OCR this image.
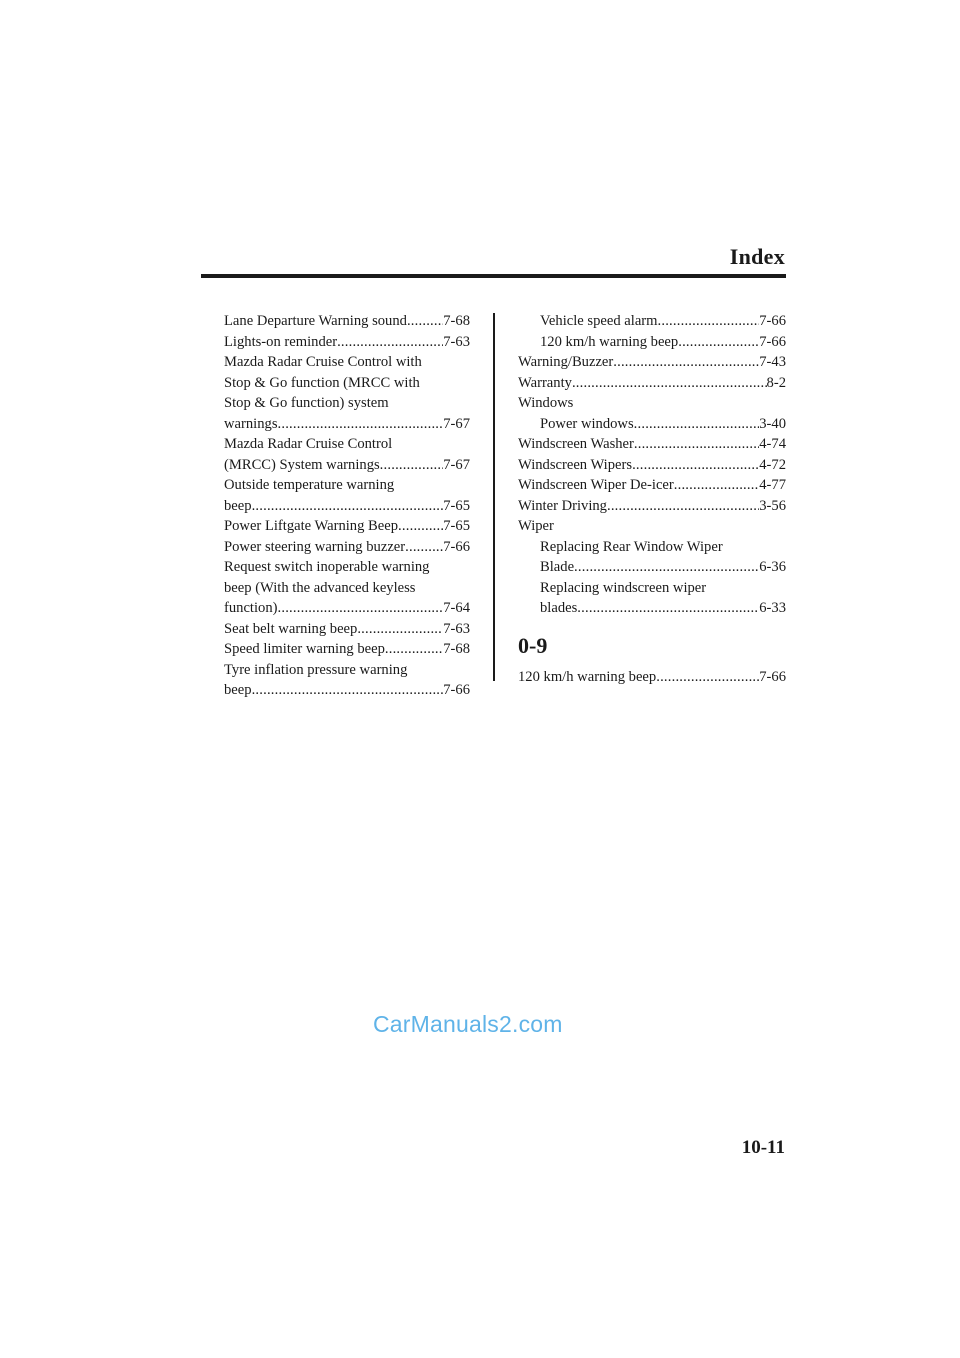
Index
Lane Departure Warning sound ..... 7-68
Lights-on reminder .....	7-63
Mazda Radar Cruise Control with
Stop & Go function (MRCC with
Stop & Go function) system
warnings .....	7-67
Mazda Radar Cruise Control
(MRCC) System warnings .....	7-67
Outside temperature warning
beep .....	7-65
Power Liftgate Warning Beep .....	7-65
Power steering warning buzzer .....	7-66
Request switch inoperable warning
beep (With the advanced keyless
function) .....	7-64
Seat belt warning beep .....	7-63
Speed limiter warning beep .....	7-68
Tyre inflation pressure warning
beep .....	7-66
Vehicle speed alarm .....	7-66
120 km/h warning beep .....	7-66
Warning/Buzzer .....	7-43
Warranty .....	8-2
Windows
Power windows .....	3-40
Windscreen Washer .....	4-74
Windscreen Wipers .....	4-72
Windscreen Wiper De-icer .....	4-77
Winter Driving .....	3-56
Wiper
Replacing Rear Window Wiper
Blade .....	6-36
Replacing windscreen wiper
blades .....	6-33
0-9
120 km/h warning beep .....	7-66
CarManuals2.com
10-11
